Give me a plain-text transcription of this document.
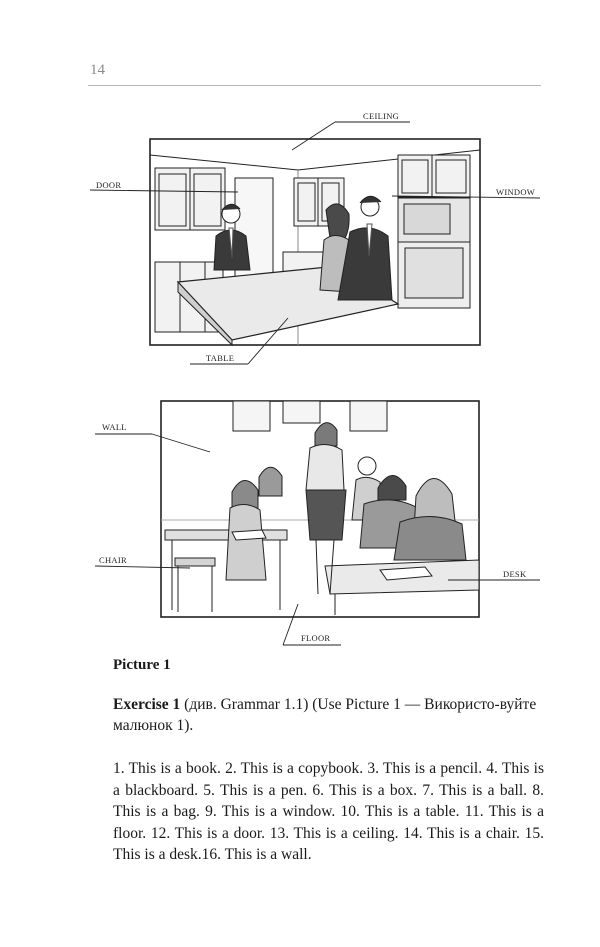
14
CEILING
DOOR
WINDOW
TABLE
WALL
CHAIR
DESK
FLOOR
Picture 1
Exercise 1 (див. Grammar 1.1) (Use Picture 1 — Використо-вуйте малюнок 1).
1. This is a book. 2. This is a copybook. 3. This is a pencil. 4. This is a blackboard. 5. This is a pen. 6. This is a box. 7. This is a ball. 8. This is a bag. 9. This is a window. 10. This is a table. 11. This is a floor. 12. This is a door. 13. This is a ceiling. 14. This is a chair. 15. This is a desk.16. This is a wall.
